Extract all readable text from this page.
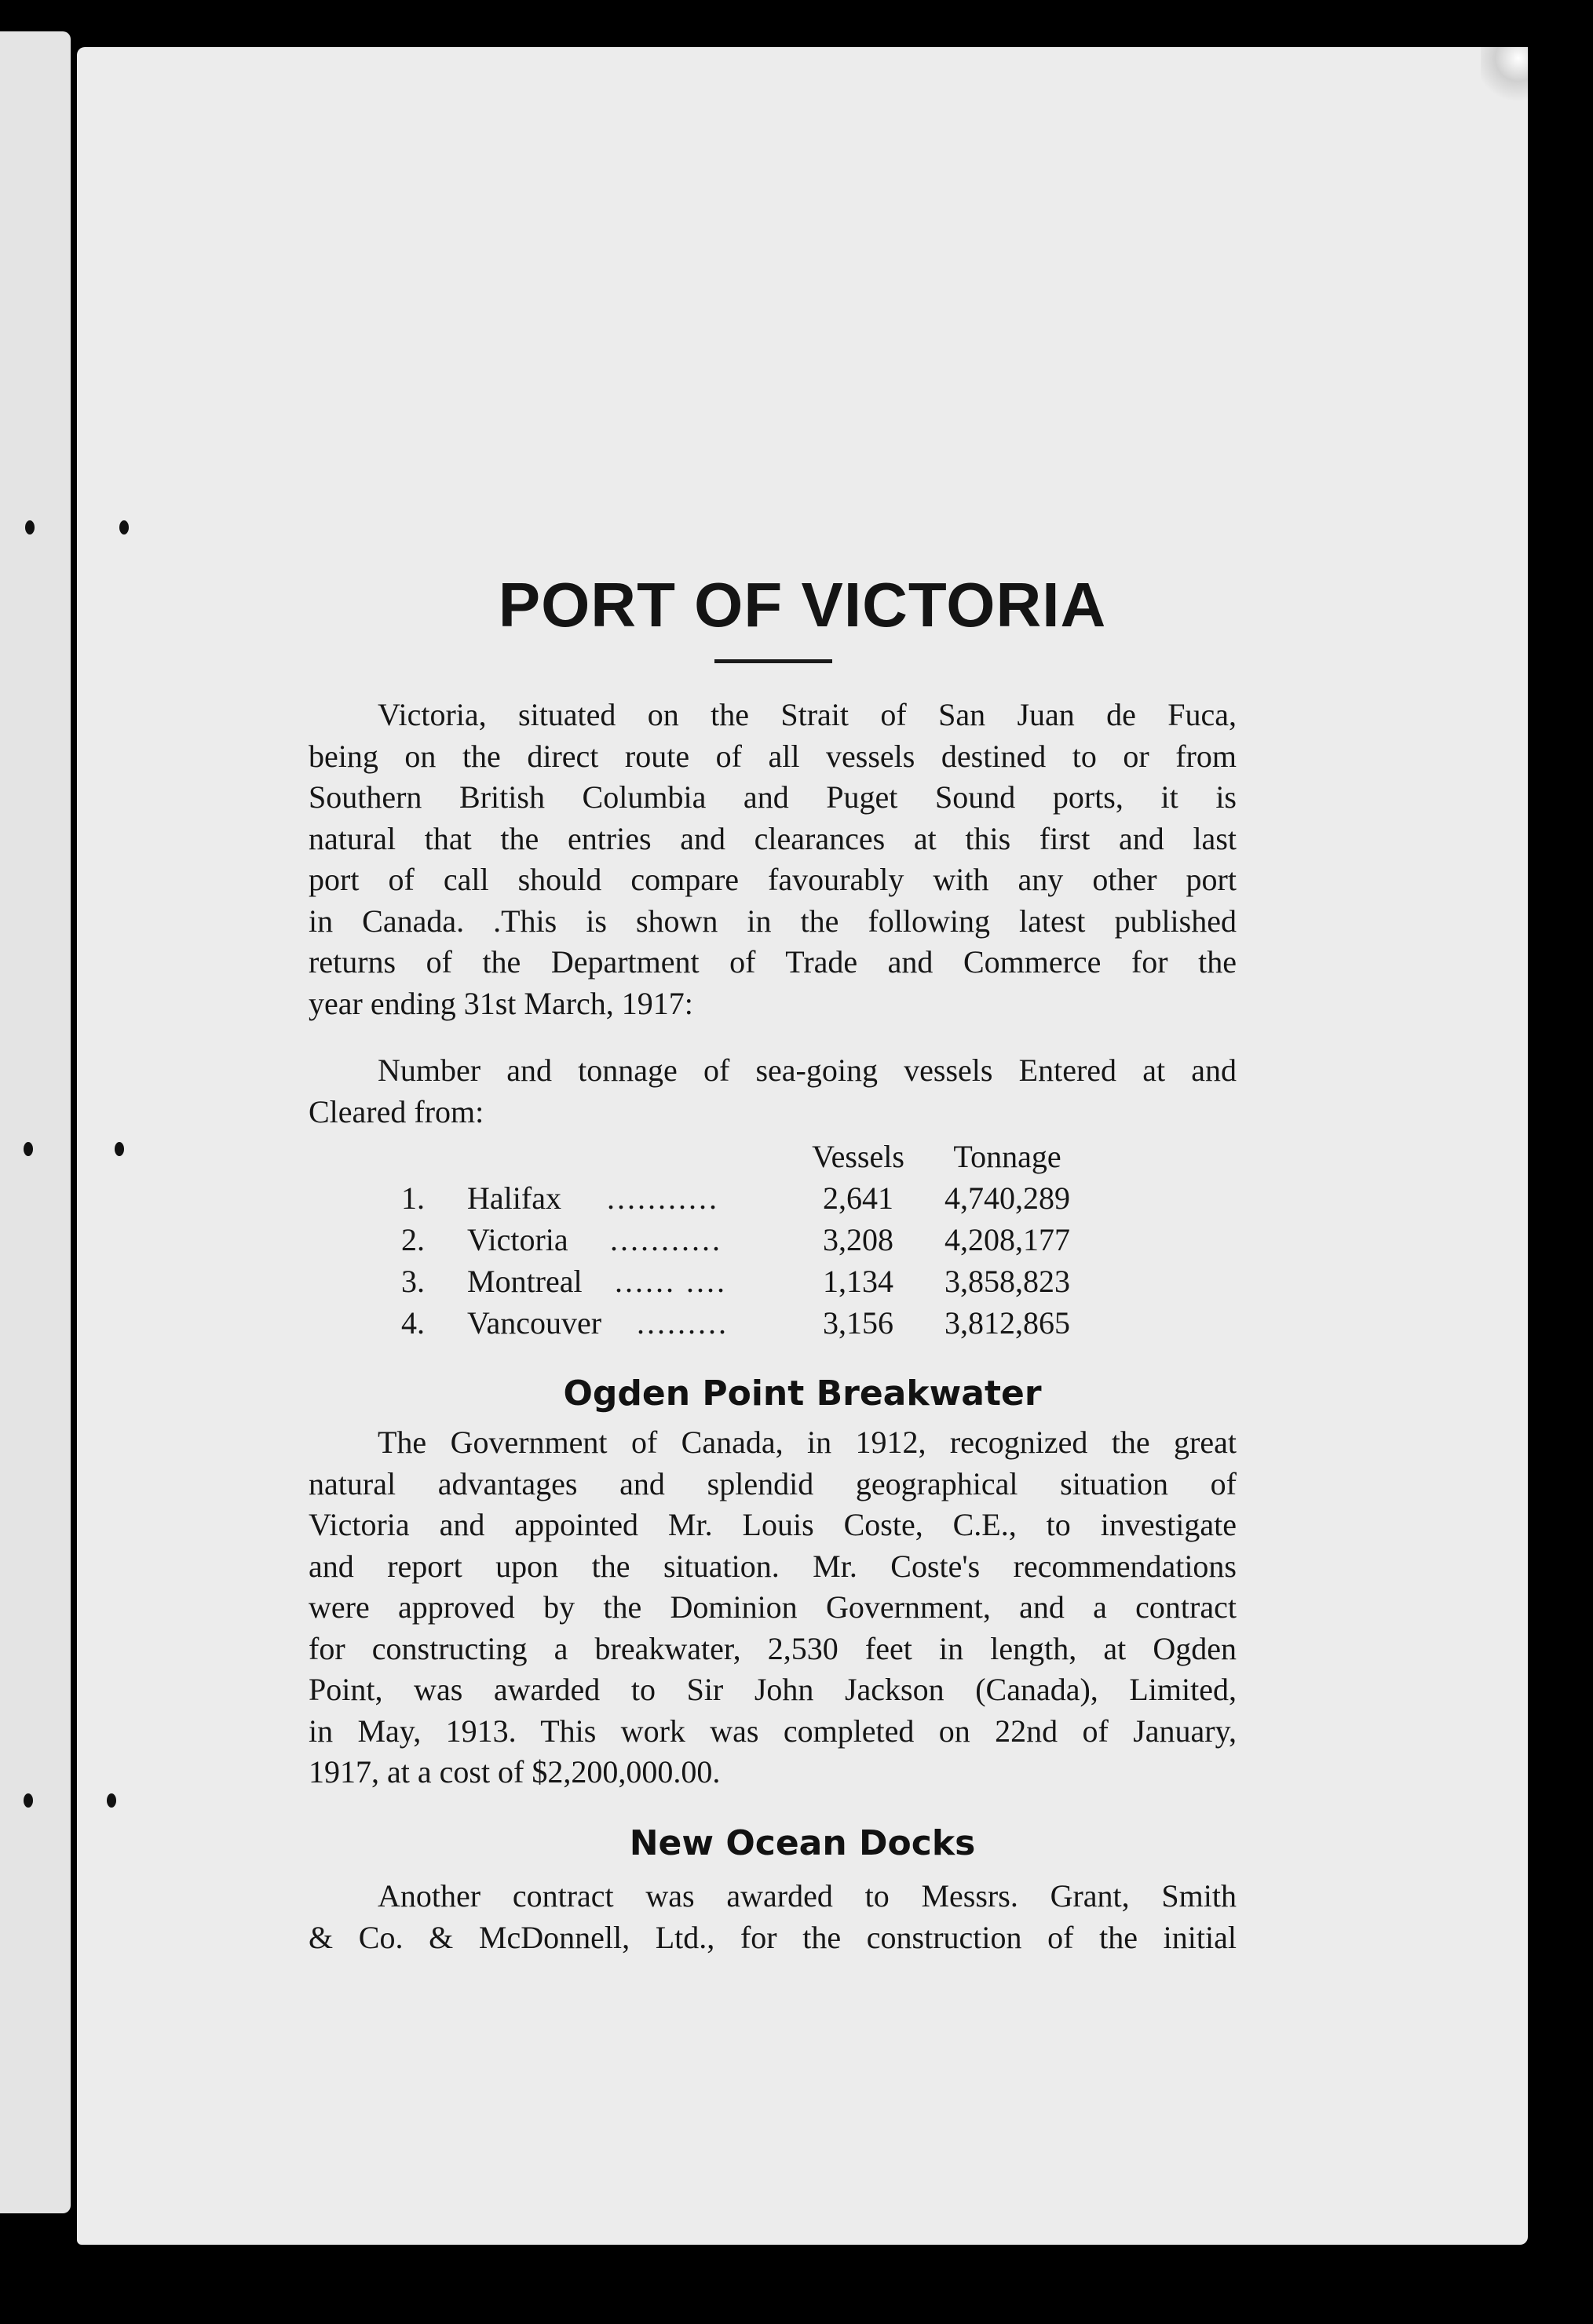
PORT OF VICTORIA
Victoria, situated on the Strait of San Juan de Fuca,
being on the direct route of all vessels destined to or from
Southern British Columbia and Puget Sound ports, it is
natural that the entries and clearances at this first and last
port of call should compare favourably with any other port
in Canada. .This is shown in the following latest published
returns of the Department of Trade and Commerce for the
year ending 31st March, 1917:
Number and tonnage of sea-going vessels Entered at and
Cleared from:
Vessels	Tonnage
1. Halifax ...........	2,641	4,740,289
2. Victoria ...........	3,208	4,208,177
3. Montreal ...... ....	1,134	3,858,823
4. Vancouver .........	3,156	3,812,865
Ogden Point Breakwater
The Government of Canada, in 1912, recognized the great
natural advantages and splendid geographical situation of
Victoria and appointed Mr. Louis Coste, C.E., to investigate
and report upon the situation. Mr. Coste's recommendations
were approved by the Dominion Government, and a contract
for constructing a breakwater, 2,530 feet in length, at Ogden
Point, was awarded to Sir John Jackson (Canada), Limited,
in May, 1913. This work was completed on 22nd of January,
1917, at a cost of $2,200,000.00.
New Ocean Docks
Another contract was awarded to Messrs. Grant, Smith
& Co. & McDonnell, Ltd., for the construction of the initial
